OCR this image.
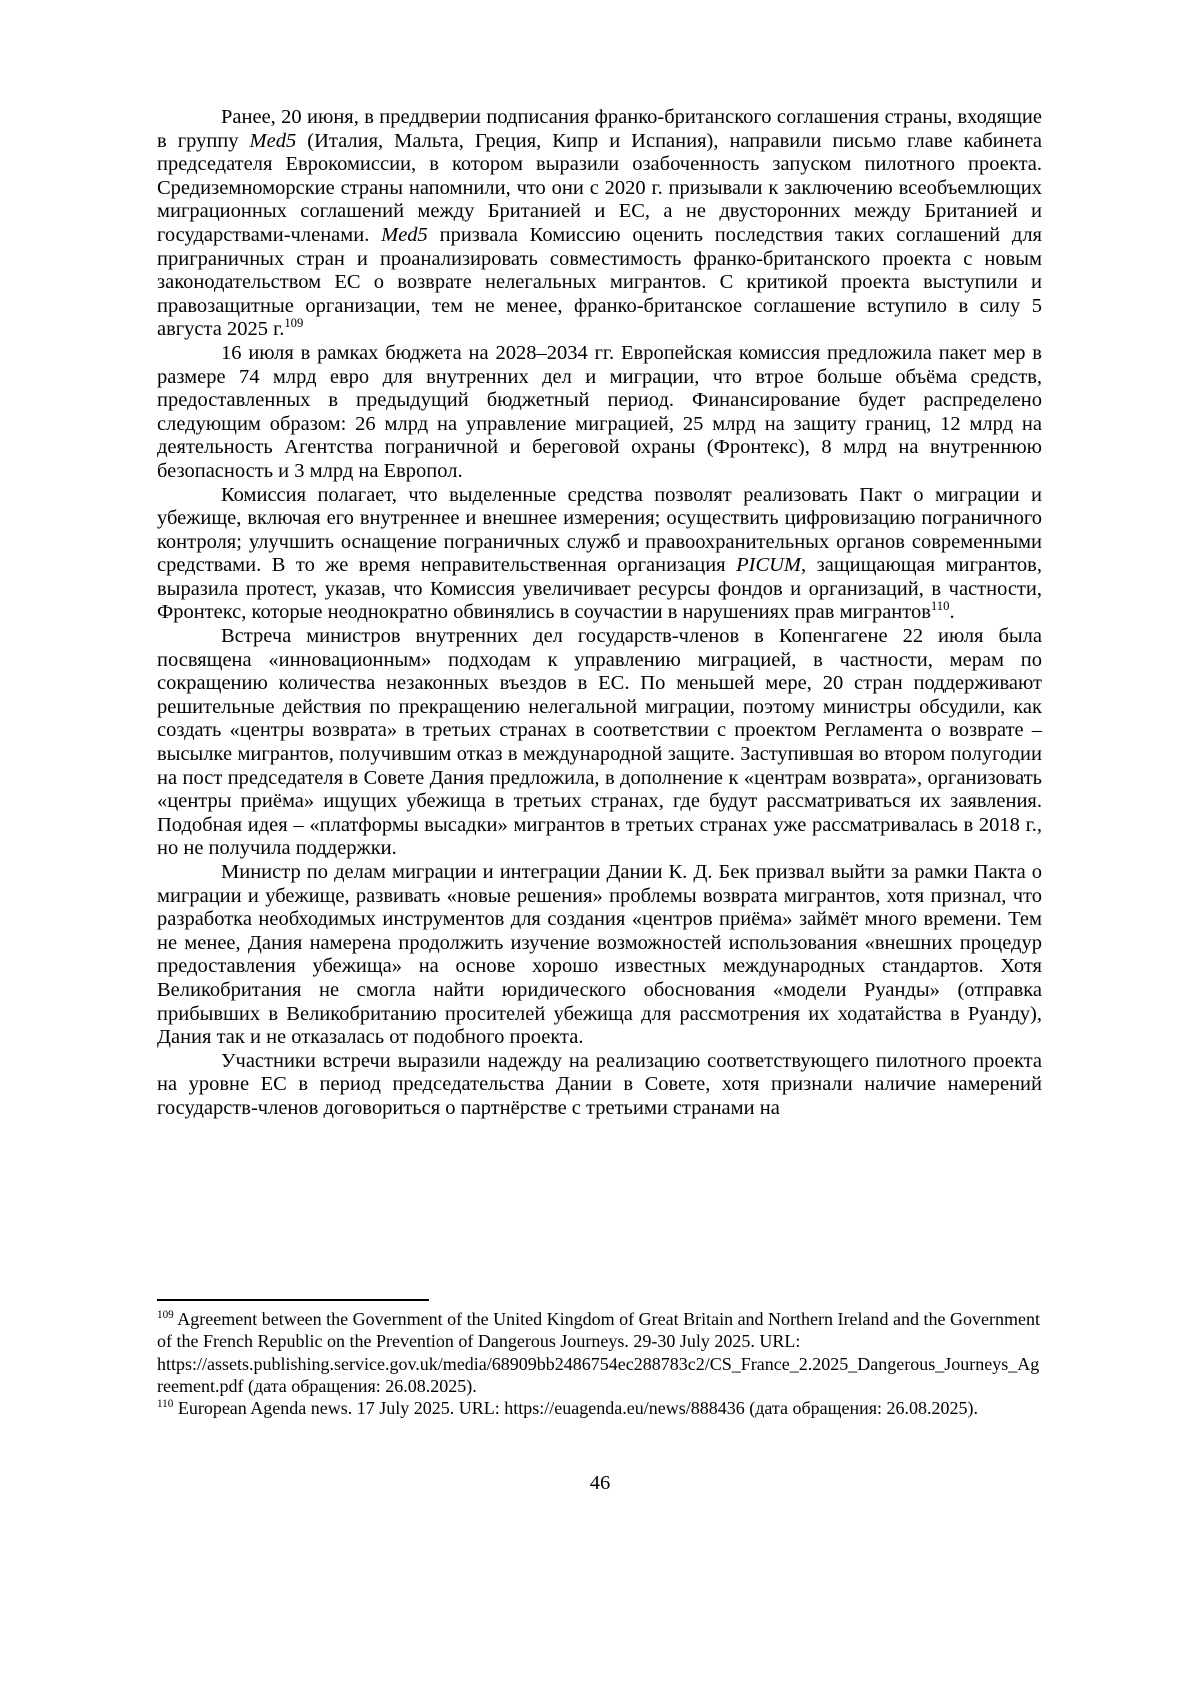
Ранее, 20 июня, в преддверии подписания франко-британского соглашения страны, входящие в группу Med5 (Италия, Мальта, Греция, Кипр и Испания), направили письмо главе кабинета председателя Еврокомиссии, в котором выразили озабоченность запуском пилотного проекта. Средиземноморские страны напомнили, что они с 2020 г. призывали к заключению всеобъемлющих миграционных соглашений между Британией и ЕС, а не двусторонних между Британией и государствами-членами. Med5 призвала Комиссию оценить последствия таких соглашений для приграничных стран и проанализировать совместимость франко-британского проекта с новым законодательством ЕС о возврате нелегальных мигрантов. С критикой проекта выступили и правозащитные организации, тем не менее, франко-британское соглашение вступило в силу 5 августа 2025 г.$^{109}$

16 июля в рамках бюджета на 2028–2034 гг. Европейская комиссия предложила пакет мер в размере 74 млрд евро для внутренних дел и миграции, что втрое больше объёма средств, предоставленных в предыдущий бюджетный период. Финансирование будет распределено следующим образом: 26 млрд на управление миграцией, 25 млрд на защиту границ, 12 млрд на деятельность Агентства пограничной и береговой охраны (Фронтекс), 8 млрд на внутреннюю безопасность и 3 млрд на Европол.

Комиссия полагает, что выделенные средства позволят реализовать Пакт о миграции и убежище, включая его внутреннее и внешнее измерения; осуществить цифровизацию пограничного контроля; улучшить оснащение пограничных служб и правоохранительных органов современными средствами. В то же время неправительственная организация PICUM, защищающая мигрантов, выразила протест, указав, что Комиссия увеличивает ресурсы фондов и организаций, в частности, Фронтекс, которые неоднократно обвинялись в соучастии в нарушениях прав мигрантов$^{110}$.

Встреча министров внутренних дел государств-членов в Копенгагене 22 июля была посвящена «инновационным» подходам к управлению миграцией, в частности, мерам по сокращению количества незаконных въездов в ЕС. По меньшей мере, 20 стран поддерживают решительные действия по прекращению нелегальной миграции, поэтому министры обсудили, как создать «центры возврата» в третьих странах в соответствии с проектом Регламента о возврате – высылке мигрантов, получившим отказ в международной защите. Заступившая во втором полугодии на пост председателя в Совете Дания предложила, в дополнение к «центрам возврата», организовать «центры приёма» ищущих убежища в третьих странах, где будут рассматриваться их заявления. Подобная идея – «платформы высадки» мигрантов в третьих странах уже рассматривалась в 2018 г., но не получила поддержки.

Министр по делам миграции и интеграции Дании К. Д. Бек призвал выйти за рамки Пакта о миграции и убежище, развивать «новые решения» проблемы возврата мигрантов, хотя признал, что разработка необходимых инструментов для создания «центров приёма» займёт много времени. Тем не менее, Дания намерена продолжить изучение возможностей использования «внешних процедур предоставления убежища» на основе хорошо известных международных стандартов. Хотя Великобритания не смогла найти юридического обоснования «модели Руанды» (отправка прибывших в Великобританию просителей убежища для рассмотрения их ходатайства в Руанду), Дания так и не отказалась от подобного проекта.

Участники встречи выразили надежду на реализацию соответствующего пилотного проекта на уровне ЕС в период председательства Дании в Совете, хотя признали наличие намерений государств-членов договориться о партнёрстве с третьими странами на

$^{109}$ Agreement between the Government of the United Kingdom of Great Britain and Northern Ireland and the Government of the French Republic on the Prevention of Dangerous Journeys. 29-30 July 2025. URL: https://assets.publishing.service.gov.uk/media/68909bb2486754ec288783c2/CS_France_2.2025_Dangerous_Journeys_Agreement.pdf (дата обращения: 26.08.2025).

$^{110}$ European Agenda news. 17 July 2025. URL: https://euagenda.eu/news/888436 (дата обращения: 26.08.2025).

46
